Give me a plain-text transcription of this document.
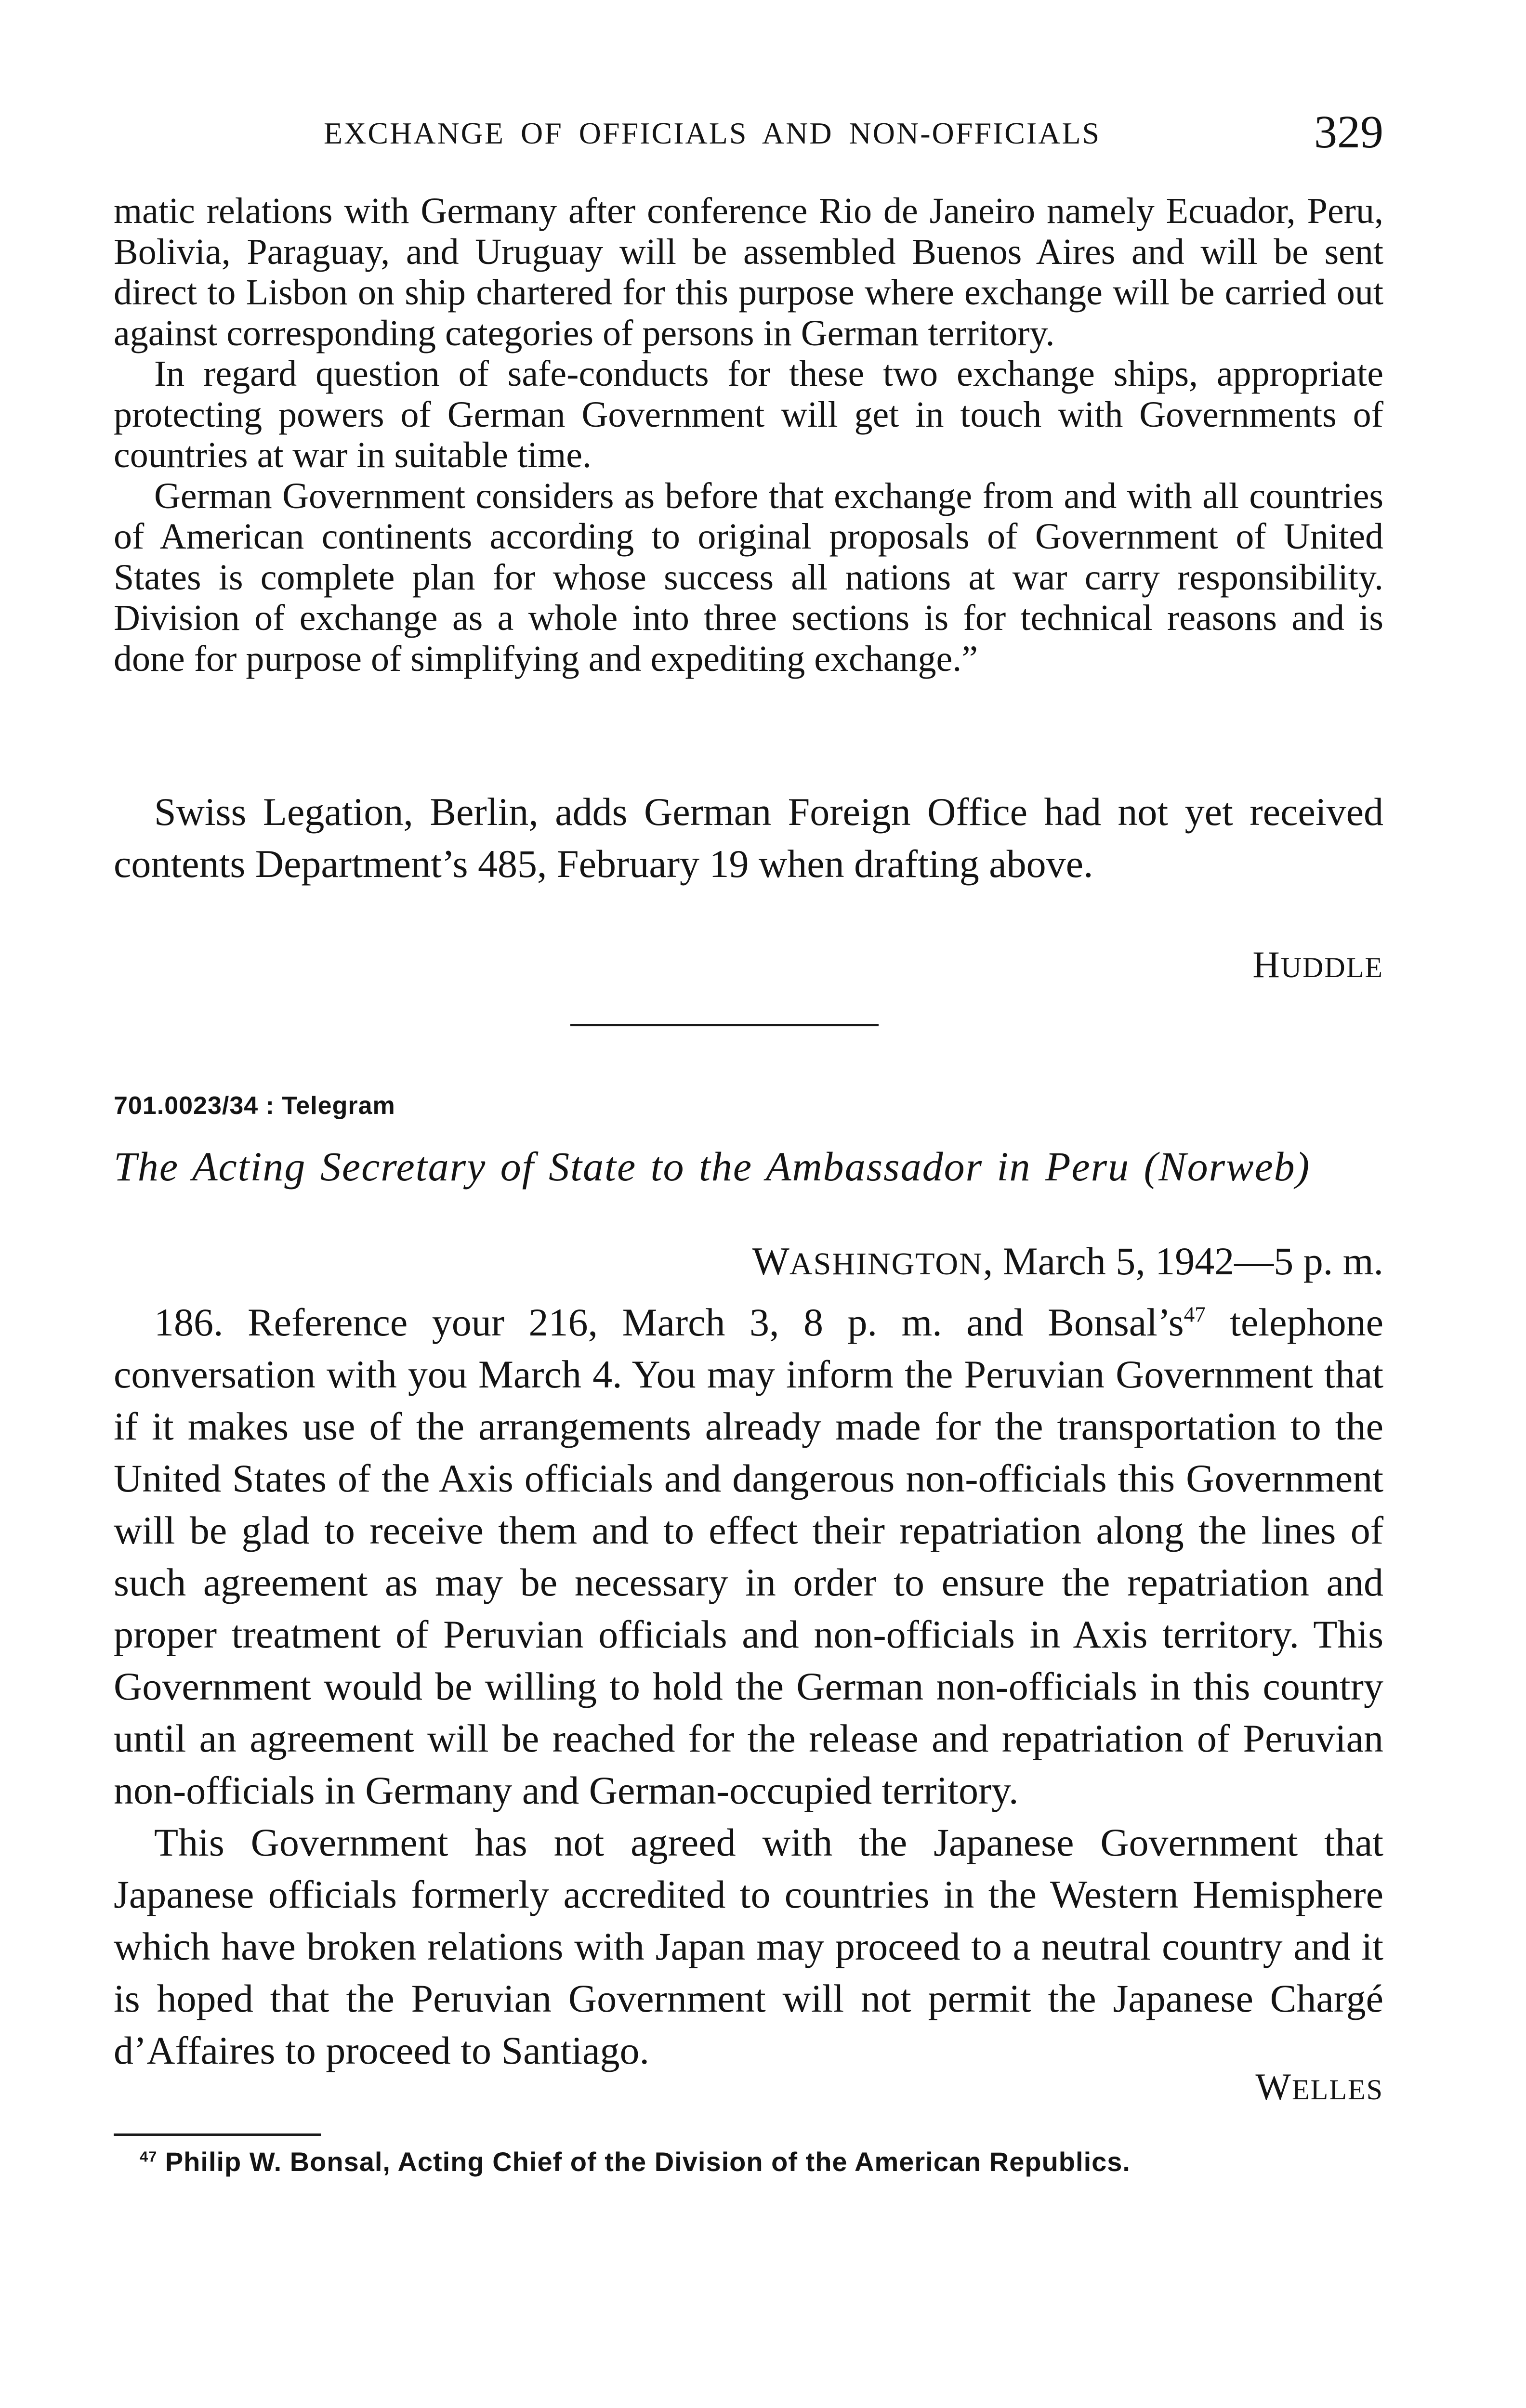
EXCHANGE OF OFFICIALS AND NON-OFFICIALS	329

matic relations with Germany after conference Rio de Janeiro namely Ecuador, Peru, Bolivia, Paraguay, and Uruguay will be assembled Buenos Aires and will be sent direct to Lisbon on ship chartered for this purpose where exchange will be carried out against corresponding categories of persons in German territory.

In regard question of safe-conducts for these two exchange ships, appropriate protecting powers of German Government will get in touch with Governments of countries at war in suitable time.

German Government considers as before that exchange from and with all countries of American continents according to original proposals of Government of United States is complete plan for whose success all nations at war carry responsibility. Division of exchange as a whole into three sections is for technical reasons and is done for purpose of simplifying and expediting exchange.”

Swiss Legation, Berlin, adds German Foreign Office had not yet received contents Department’s 485, February 19 when drafting above.

HUDDLE
701.0023/34 : Telegram
The Acting Secretary of State to the Ambassador in Peru (Norweb)
WASHINGTON, March 5, 1942—5 p. m.

186. Reference your 216, March 3, 8 p. m. and $Bonsal’s^{47}$ telephone conversation with you March 4. You may inform the Peruvian Government that if it makes use of the arrangements already made for the transportation to the United States of the Axis officials and dangerous non-officials this Government will be glad to receive them and to effect their repatriation along the lines of such agreement as may be necessary in order to ensure the repatriation and proper treatment of Peruvian officials and non-officials in Axis territory. This Government would be willing to hold the German non-officials in this country until an agreement will be reached for the release and repatriation of Peruvian non-officials in Germany and German-occupied territory.

This Government has not agreed with the Japanese Government that Japanese officials formerly accredited to countries in the Western Hemisphere which have broken relations with Japan may proceed to a neutral country and it is hoped that the Peruvian Government will not permit the Japanese Chargé d’Affaires to proceed to Santiago.

WELLES
$^{47}$ Philip W. Bonsal, Acting Chief of the Division of the American Republics.
